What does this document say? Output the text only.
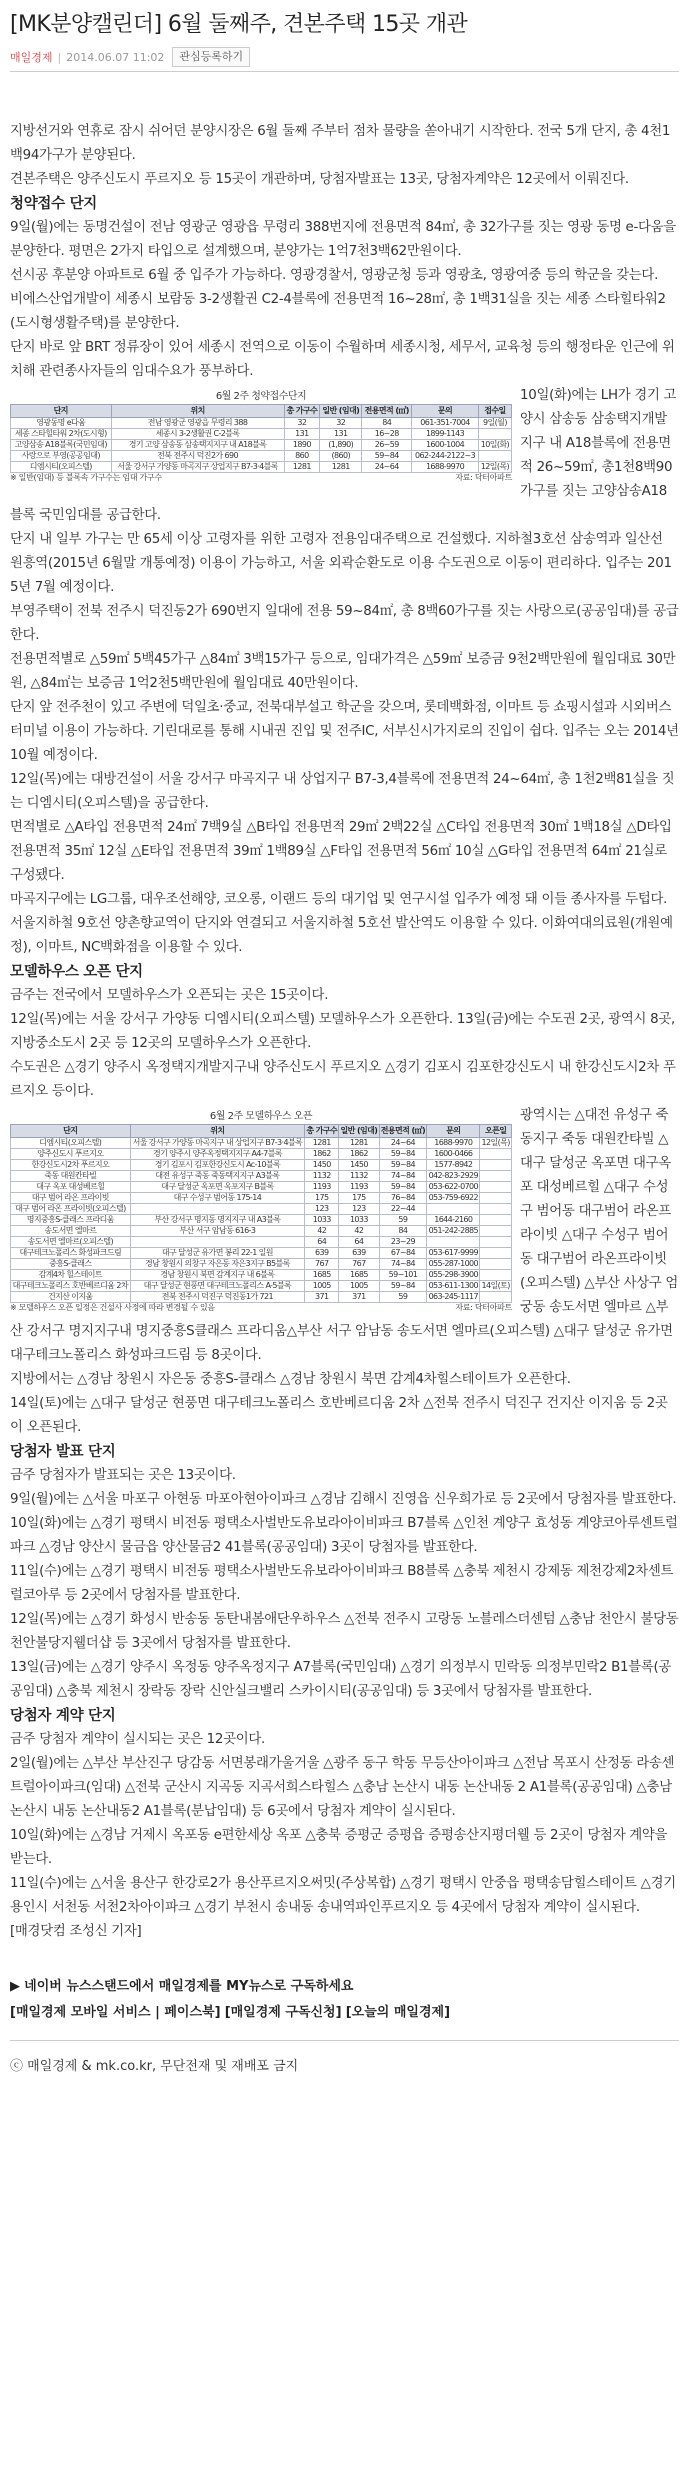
[MK분양캘린더] 6월 둘째주, 견본주택 15곳 개관
매일경제 | 2014.06.07 11:02	관심등록하기

지방선거와 연휴로 잠시 쉬어던 분양시장은 6월 둘째 주부터 점차 물량을 쏟아내기 시작한다. 전국 5개 단지, 총 4천1백94가구가 분양된다.

견본주택은 양주신도시 푸르지오 등 15곳이 개관하며, 당첨자발표는 13곳, 당첨자계약은 12곳에서 이뤄진다.

청약접수 단지

9일(월)에는 동명건설이 전남 영광군 영광읍 무령리 388번지에 전용면적 84㎡, 총 32가구를 짓는 영광 동명 e-다움을 분양한다. 평면은 2가지 타입으로 설계했으며, 분양가는 1억7천3백62만원이다.

선시공 후분양 아파트로 6월 중 입주가 가능하다. 영광경찰서, 영광군청 등과 영광초, 영광여중 등의 학군을 갖는다.

비에스산업개발이 세종시 보람동 3-2생활권 C2-4블록에 전용면적 16~28㎡, 총 1백31실을 짓는 세종 스타힐타워2(도시형생활주택)를 분양한다.

단지 바로 앞 BRT 정류장이 있어 세종시 전역으로 이동이 수월하며 세종시청, 세무서, 교육청 등의 행정타운 인근에 위치해 관련종사자들의 임대수요가 풍부하다.

6월 2주 청약접수단지
단지	위치	총 가구수	일반 (임대)	전용면적 (㎡)	문의	접수일
영광동명 e다움	전남 영광군 영광읍 무령리 388	32	32	84	061-351-7004	9일(월)
세종 스타힐타워 2차(도시형)	세종시 3-2생활권 C-2블록	131	131	16~28	1899-1143	
고양삼송 A18블록(국민임대)	경기 고양 삼송동 삼송택지지구 내 A18블록	1890	(1,890)	26~59	1600-1004	10일(화)
사랑으로 부영(공공임대)	전북 전주시 덕진2가 690	860	(860)	59~84	062-244-2122~3	
디엠시티(오피스텔)	서울 강서구 가양동 마곡지구 상업지구 B7-3·4블록	1281	1281	24~64	1688-9970	12일(목)
※ 일반(임대) 등 블록속 가구수는 임대 가구수	자료: 닥터아파트

10일(화)에는 LH가 경기 고양시 삼송동 삼송택지개발지구 내 A18블록에 전용면적 26~59㎡, 총1천8백90가구를 짓는 고양삼송A18블록 국민임대를 공급한다.

단지 내 일부 가구는 만 65세 이상 고령자를 위한 고령자 전용임대주택으로 건설했다. 지하철3호선 삼송역과 일산선 원흥역(2015년 6월말 개통예정) 이용이 가능하고, 서울 외곽순환도로 이용 수도권으로 이동이 편리하다. 입주는 2015년 7월 예정이다.

부영주택이 전북 전주시 덕진동2가 690번지 일대에 전용 59~84㎡, 총 8백60가구를 짓는 사랑으로(공공임대)를 공급한다.

전용면적별로 △59㎡ 5백45가구 △84㎡ 3백15가구 등으로, 임대가격은 △59㎡ 보증금 9천2백만원에 월임대료 30만원, △84㎡는 보증금 1억2천5백만원에 월임대료 40만원이다.

단지 앞 전주천이 있고 주변에 덕일초·중교, 전북대부설고 학군을 갖으며, 롯데백화점, 이마트 등 쇼핑시설과 시외버스터미널 이용이 가능하다. 기린대로를 통해 시내권 진입 및 전주IC, 서부신시가지로의 진입이 쉽다. 입주는 오는 2014년 10월 예정이다.

12일(목)에는 대방건설이 서울 강서구 마곡지구 내 상업지구 B7-3,4블록에 전용면적 24~64㎡, 총 1천2백81실을 짓는 디엠시티(오피스텔)을 공급한다.

면적별로 △A타입 전용면적 24㎡ 7백9실 △B타입 전용면적 29㎡ 2백22실 △C타입 전용면적 30㎡ 1백18실 △D타입 전용면적 35㎡ 12실 △E타입 전용면적 39㎡ 1백89실 △F타입 전용면적 56㎡ 10실 △G타입 전용면적 64㎡ 21실로 구성됐다.

마곡지구에는 LG그룹, 대우조선해양, 코오롱, 이랜드 등의 대기업 및 연구시설 입주가 예정 돼 이들 종사자를 두텁다. 서울지하철 9호선 양촌향교역이 단지와 연결되고 서울지하철 5호선 발산역도 이용할 수 있다. 이화여대의료원(개원예정), 이마트, NC백화점을 이용할 수 있다.

모델하우스 오픈 단지

금주는 전국에서 모델하우스가 오픈되는 곳은 15곳이다.

12일(목)에는 서울 강서구 가양동 디엠시티(오피스텔) 모델하우스가 오픈한다. 13일(금)에는 수도권 2곳, 광역시 8곳, 지방중소도시 2곳 등 12곳의 모델하우스가 오픈한다.

수도권은 △경기 양주시 옥정택지개발지구내 양주신도시 푸르지오 △경기 김포시 김포한강신도시 내 한강신도시2차 푸르지오 등이다.

6월 2주 모델하우스 오픈
단지	위치	총 가구수	일반 (임대)	전용면적 (㎡)	문의	오픈일
디엠시티(오피스텔)	서울 강서구 가양동 마곡지구 내 상업지구 B7-3·4블록	1281	1281	24~64	1688-9970	12일(목)
양주신도시 푸르지오	경기 양주시 양주옥정택지지구 A4-7블록	1862	1862	59~84	1600-0466	
한강신도시2차 푸르지오	경기 김포시 김포한강신도시 Ac-10블록	1450	1450	59~84	1577-8942	
죽동 대원칸타빌	대전 유성구 죽동 죽동택지지구 A3블록	1132	1132	74~84	042-823-2929	
대구 옥포 대성베르힐	대구 달성군 옥포면 옥포지구 B블록	1193	1193	59~84	053-622-0700	
대구 범어 라온 프라이빗	대구 수성구 범어동 175-14	175	175	76~84	053-759-6922	
대구 범어 라온 프라이빗(오피스텔)		123	123	22~44		
명지중흥S-클래스 프라디움	부산 강서구 명지동 명지지구 내 A3블록	1033	1033	59	1644-2160	
송도서면 엘마르	부산 서구 암남동 616-3	42	42	84	051-242-2885	
송도서면 엘마르(오피스텔)		64	64	23~29		
대구테크노폴리스 화성파크드림	대구 달성군 유가면 봉리 22-1 일원	639	639	67~84	053-617-9999	
중흥S-클래스	경남 창원시 의창구 자은동 자은3지구 B5블록	767	767	74~84	055-287-1000	
감계4차 힐스테이트	경남 창원시 북면 감계지구 내 6블록	1685	1685	59~101	055-298-3900	
대구테크노폴리스 호반베르디움 2차	대구 달성군 현풍면 대구테크노폴리스 A-5블록	1005	1005	59~84	053-611-1300	14일(토)
건지산 이지움	전북 전주시 덕진구 덕진동1가 721	371	371	59	063-245-1117	
※ 모델하우스 오픈 일정은 건설사 사정에 따라 변경될 수 있음	자료: 닥터아파트

광역시는 △대전 유성구 죽동지구 죽동 대원칸타빌 △대구 달성군 옥포면 대구옥포 대성베르힐 △대구 수성구 범어동 대구범어 라온프라이빗 △대구 수성구 범어동 대구범어 라온프라이빗(오피스텔) △부산 사상구 엄궁동 송도서면 엘마르 △부산 강서구 명지지구내 명지중흥S클래스 프라디움△부산 서구 암남동 송도서면 엘마르(오피스텔) △대구 달성군 유가면 대구테크노폴리스 화성파크드림 등 8곳이다.

지방에서는 △경남 창원시 자은동 중흥S-클래스 △경남 창원시 북면 감계4차힐스테이트가 오픈한다.

14일(토)에는 △대구 달성군 현풍면 대구테크노폴리스 호반베르디움 2차 △전북 전주시 덕진구 건지산 이지움 등 2곳이 오픈된다.

당첨자 발표 단지

금주 당첨자가 발표되는 곳은 13곳이다.

9일(월)에는 △서울 마포구 아현동 마포아현아이파크 △경남 김해시 진영읍 신우희가로 등 2곳에서 당첨자를 발표한다.

10일(화)에는 △경기 평택시 비전동 평택소사벌반도유보라아이비파크 B7블록 △인천 계양구 효성동 계양코아루센트럴파크 △경남 양산시 물금읍 양산물금2 41블록(공공임대) 3곳이 당첨자를 발표한다.

11일(수)에는 △경기 평택시 비전동 평택소사벌반도유보라아이비파크 B8블록 △충북 제천시 강제동 제천강제2차센트럴코아루 등 2곳에서 당첨자를 발표한다.

12일(목)에는 △경기 화성시 반송동 동탄내봄애단우하우스 △전북 전주시 고랑동 노블레스더센텀 △충남 천안시 불당동 천안불당지웰더샵 등 3곳에서 당첨자를 발표한다.

13일(금)에는 △경기 양주시 옥정동 양주옥정지구 A7블록(국민임대) △경기 의정부시 민락동 의정부민락2 B1블록(공공임대) △충북 제천시 장락동 장락 신안실크밸리 스카이시티(공공임대) 등 3곳에서 당첨자를 발표한다.

당첨자 계약 단지

금주 당첨자 계약이 실시되는 곳은 12곳이다.

2일(월)에는 △부산 부산진구 당감동 서면봉래가울거울 △광주 동구 학동 무등산아이파크 △전남 목포시 산정동 라송센트럴아이파크(임대) △전북 군산시 지곡동 지곡서희스타힐스 △충남 논산시 내동 논산내동 2 A1블록(공공임대) △충남 논산시 내동 논산내동2 A1블록(분납임대) 등 6곳에서 당첨자 계약이 실시된다.

10일(화)에는 △경남 거제시 옥포동 e편한세상 옥포 △충북 증평군 증평읍 증평송산지평더웰 등 2곳이 당첨자 계약을 받는다.

11일(수)에는 △서울 용산구 한강로2가 용산푸르지오써밋(주상복합) △경기 평택시 안중읍 평택송담힐스테이트 △경기 용인시 서천동 서천2차아이파크 △경기 부천시 송내동 송내역파인푸르지오 등 4곳에서 당첨자 계약이 실시된다.

[매경닷컴 조성신 기자]

▶ 네이버 뉴스스탠드에서 매일경제를 MY뉴스로 구독하세요
[매일경제 모바일 서비스 | 페이스북] [매일경제 구독신청] [오늘의 매일경제]
ⓒ 매일경제 & mk.co.kr, 무단전재 및 재배포 금지
